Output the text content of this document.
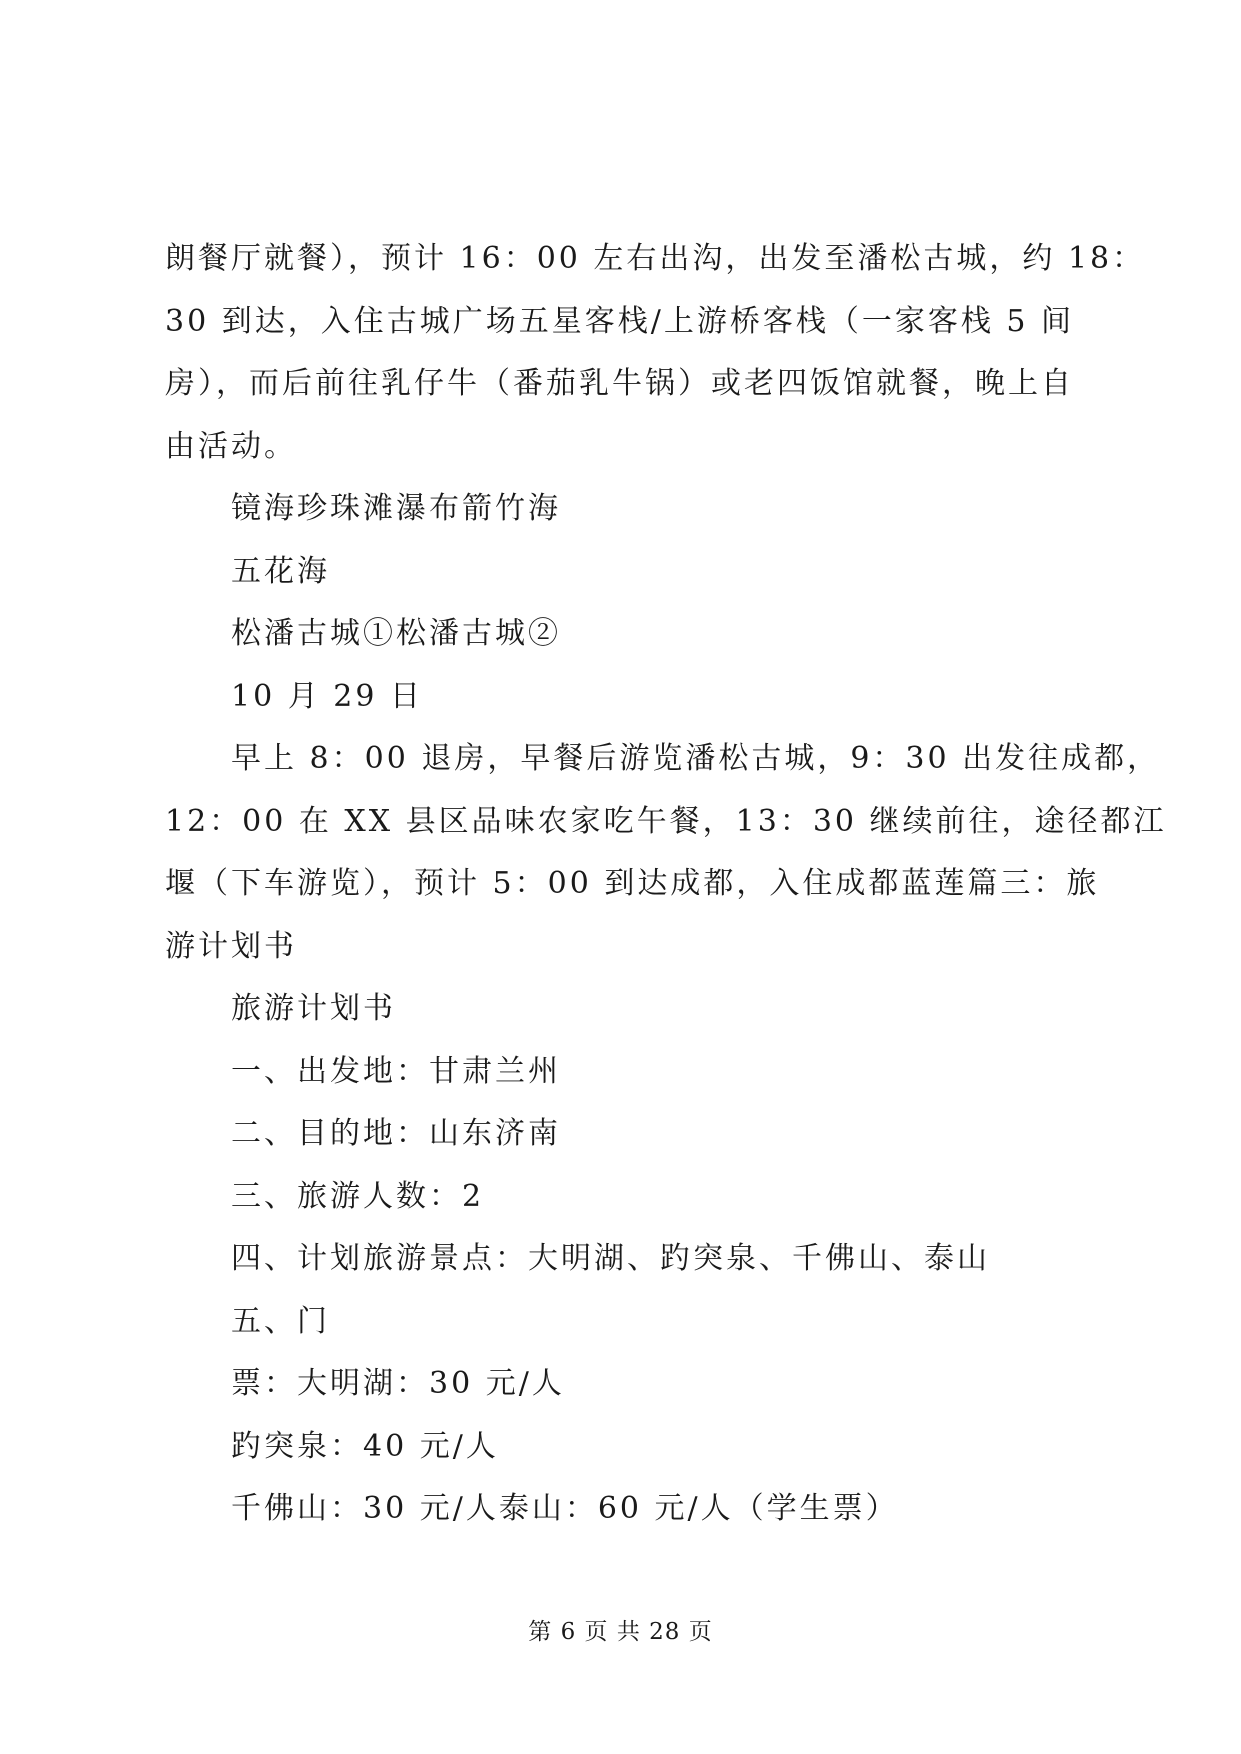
朗餐厅就餐），预计 16：00 左右出沟，出发至潘松古城，约 18：
30 到达，入住古城广场五星客栈/上游桥客栈（一家客栈 5 间
房），而后前往乳仔牛（番茄乳牛锅）或老四饭馆就餐，晚上自
由活动。
镜海珍珠滩瀑布箭竹海
五花海
松潘古城①松潘古城②
10 月 29 日
早上 8：00 退房，早餐后游览潘松古城，9：30 出发往成都，
12：00 在 XX 县区品味农家吃午餐，13：30 继续前往，途径都江
堰（下车游览），预计 5：00 到达成都，入住成都蓝莲篇三：旅
游计划书
旅游计划书
一、出发地：甘肃兰州
二、目的地：山东济南
三、旅游人数：2
四、计划旅游景点：大明湖、趵突泉、千佛山、泰山
五、门
票：大明湖：30 元/人
趵突泉：40 元/人
千佛山：30 元/人泰山：60 元/人（学生票）
第 6 页 共 28 页
